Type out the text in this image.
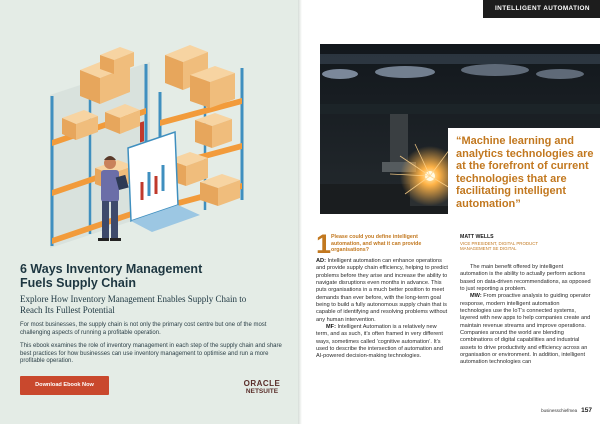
6 Ways Inventory Management Fuels Supply Chain
Explore How Inventory Management Enables Supply Chain to Reach Its Fullest Potential
For most businesses, the supply chain is not only the primary cost centre but one of the most challenging aspects of running a profitable operation.
This ebook examines the role of inventory management in each step of the supply chain and share best practices for how businesses can use inventory management to optimise and run a more profitable operation.
Download Ebook Now	ORACLE
NETSUITE
INTELLIGENT AUTOMATION
“Machine learning and analytics technologies are at the forefront of current technologies that are facilitating intelligent automation”
MATT WELLS
VICE PRESIDENT, DIGITAL PRODUCT MANAGEMENT SE DIGITAL
1 Please could you define intelligent automation, and what it can provide organisations?

AD: Intelligent automation can enhance operations and provide supply chain efficiency, helping to predict problems before they arise and increase the ability to navigate disruptions even months in advance. This puts organisations in a much better position to meet demands than ever before, with the long-term goal being to build a fully autonomous supply chain that is capable of identifying and resolving problems without any human intervention.

MF: Intelligent Automation is a relatively new term, and as such, it’s often framed in very different ways, sometimes called ‘cognitive automation’. It’s used to describe the intersection of automation and AI-powered decision-making technologies.

The main benefit offered by intelligent automation is the ability to actually perform actions based on data-driven recommendations, as opposed to just reporting a problem.

MW: From proactive analysis to guiding operator response, modern intelligent automation technologies use the IoT’s connected systems, layered with new apps to help companies create and maintain revenue streams and improve operations. Companies around the world are blending combinations of digital capabilities and industrial assets to drive productivity and efficiency across an organisation or environment. In addition, intelligent automation technologies can

businesschiefmea 157
